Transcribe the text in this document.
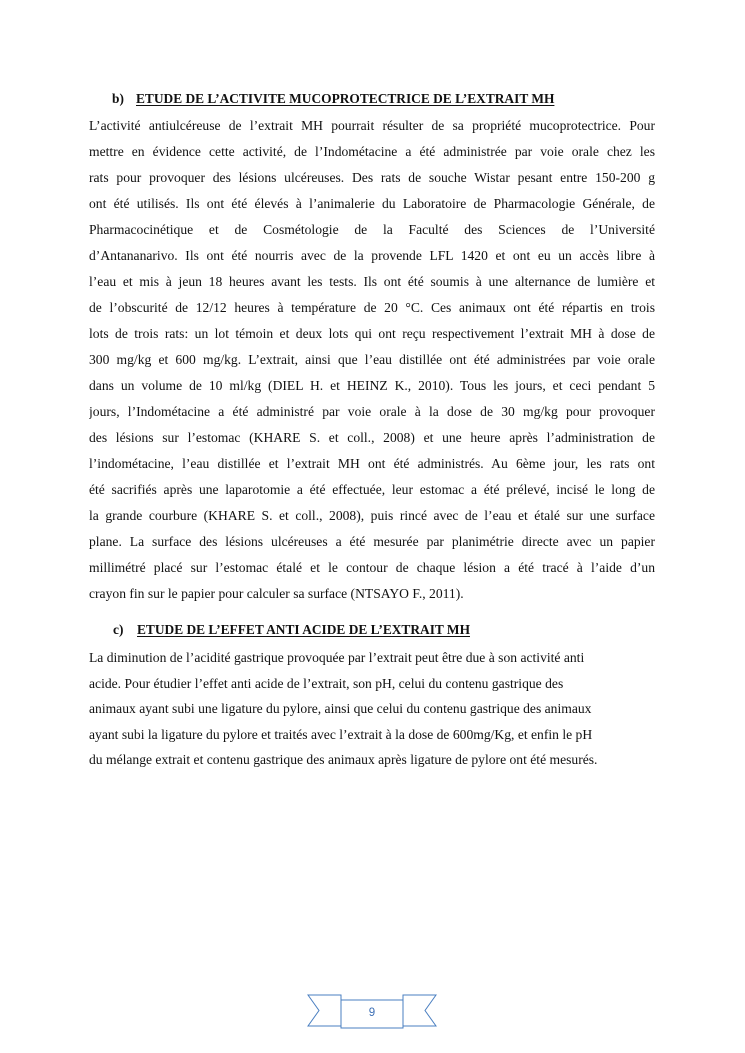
b) ETUDE DE L’ACTIVITE MUCOPROTECTRICE DE L’EXTRAIT MH
L’activité antiulcéreuse de l’extrait MH pourrait résulter de sa propriété mucoprotectrice. Pour
mettre en évidence cette activité, de l’Indométacine a été administrée par voie orale chez les
rats pour provoquer des lésions ulcéreuses. Des rats de souche Wistar pesant entre 150-200 g
ont été utilisés. Ils ont été élevés à l’animalerie du Laboratoire de Pharmacologie Générale, de
Pharmacocinétique et de Cosmétologie de la Faculté des Sciences de l’Université
d’Antananarivo. Ils ont été nourris avec de la provende LFL 1420 et ont eu un accès libre à
l’eau et mis à jeun 18 heures avant les tests. Ils ont été soumis à une alternance de lumière et
de l’obscurité de 12/12 heures à température de 20 °C. Ces animaux ont été répartis en trois
lots de trois rats: un lot témoin et deux lots qui ont reçu respectivement l’extrait MH à dose de
300 mg/kg et 600 mg/kg. L’extrait, ainsi que l’eau distillée ont été administrées par voie orale
dans un volume de 10 ml/kg (DIEL H. et HEINZ K., 2010). Tous les jours, et ceci pendant 5
jours, l’Indométacine a été administré par voie orale à la dose de 30 mg/kg pour provoquer
des lésions sur l’estomac (KHARE S. et coll., 2008) et une heure après l’administration de
l’indométacine, l’eau distillée et l’extrait MH ont été administrés. Au 6ème jour, les rats ont
été sacrifiés après une laparotomie a été effectuée, leur estomac a été prélevé, incisé le long de
la grande courbure (KHARE S. et coll., 2008), puis rincé avec de l’eau et étalé sur une surface
plane. La surface des lésions ulcéreuses a été mesurée par planimétrie directe avec un papier
millimétré placé sur l’estomac étalé et le contour de chaque lésion a été tracé à l’aide d’un
crayon fin sur le papier pour calculer sa surface (NTSAYO F., 2011).
c) ETUDE DE L’EFFET ANTI ACIDE DE L’EXTRAIT MH
La diminution de l’acidité gastrique provoquée par l’extrait peut être due à son activité anti
acide. Pour étudier l’effet anti acide de l’extrait, son pH, celui du contenu gastrique des
animaux ayant subi une ligature du pylore, ainsi que celui du contenu gastrique des animaux
ayant subi la ligature du pylore et traités avec l’extrait à la dose de 600mg/Kg, et enfin le pH
du mélange extrait et contenu gastrique des animaux après ligature de pylore ont été mesurés.
9
